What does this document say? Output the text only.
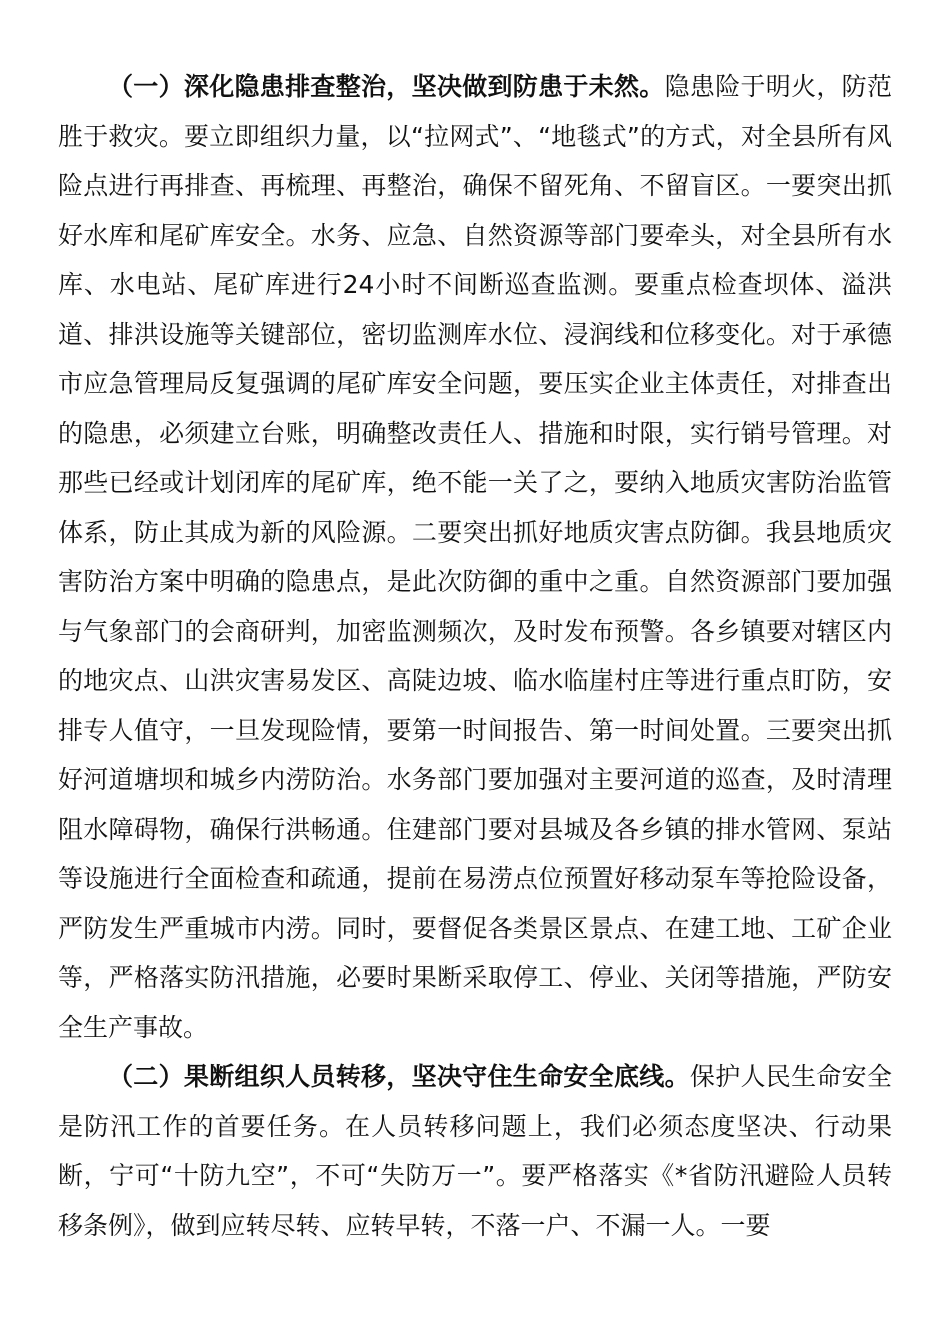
（一）深化隐患排查整治，坚决做到防患于未然。隐患险于明火，防范胜于救灾。要立即组织力量，以“拉网式”、“地毯式”的方式，对全县所有风险点进行再排查、再梳理、再整治，确保不留死角、不留盲区。一要突出抓好水库和尾矿库安全。水务、应急、自然资源等部门要牵头，对全县所有水库、水电站、尾矿库进行24小时不间断巡查监测。要重点检查坝体、溢洪道、排洪设施等关键部位，密切监测库水位、浸润线和位移变化。对于承德市应急管理局反复强调的尾矿库安全问题，要压实企业主体责任，对排查出的隐患，必须建立台账，明确整改责任人、措施和时限，实行销号管理。对那些已经或计划闭库的尾矿库，绝不能一关了之，要纳入地质灾害防治监管体系，防止其成为新的风险源。二要突出抓好地质灾害点防御。我县地质灾害防治方案中明确的隐患点，是此次防御的重中之重。自然资源部门要加强与气象部门的会商研判，加密监测频次，及时发布预警。各乡镇要对辖区内的地灾点、山洪灾害易发区、高陡边坡、临水临崖村庄等进行重点盯防，安排专人值守，一旦发现险情，要第一时间报告、第一时间处置。三要突出抓好河道塘坝和城乡内涝防治。水务部门要加强对主要河道的巡查，及时清理阻水障碍物，确保行洪畅通。住建部门要对县城及各乡镇的排水管网、泵站等设施进行全面检查和疏通，提前在易涝点位预置好移动泵车等抢险设备，严防发生严重城市内涝。同时，要督促各类景区景点、在建工地、工矿企业等，严格落实防汛措施，必要时果断采取停工、停业、关闭等措施，严防安全生产事故。

（二）果断组织人员转移，坚决守住生命安全底线。保护人民生命安全是防汛工作的首要任务。在人员转移问题上，我们必须态度坚决、行动果断，宁可“十防九空”，不可“失防万一”。要严格落实《*省防汛避险人员转移条例》，做到应转尽转、应转早转，不落一户、不漏一人。一要
